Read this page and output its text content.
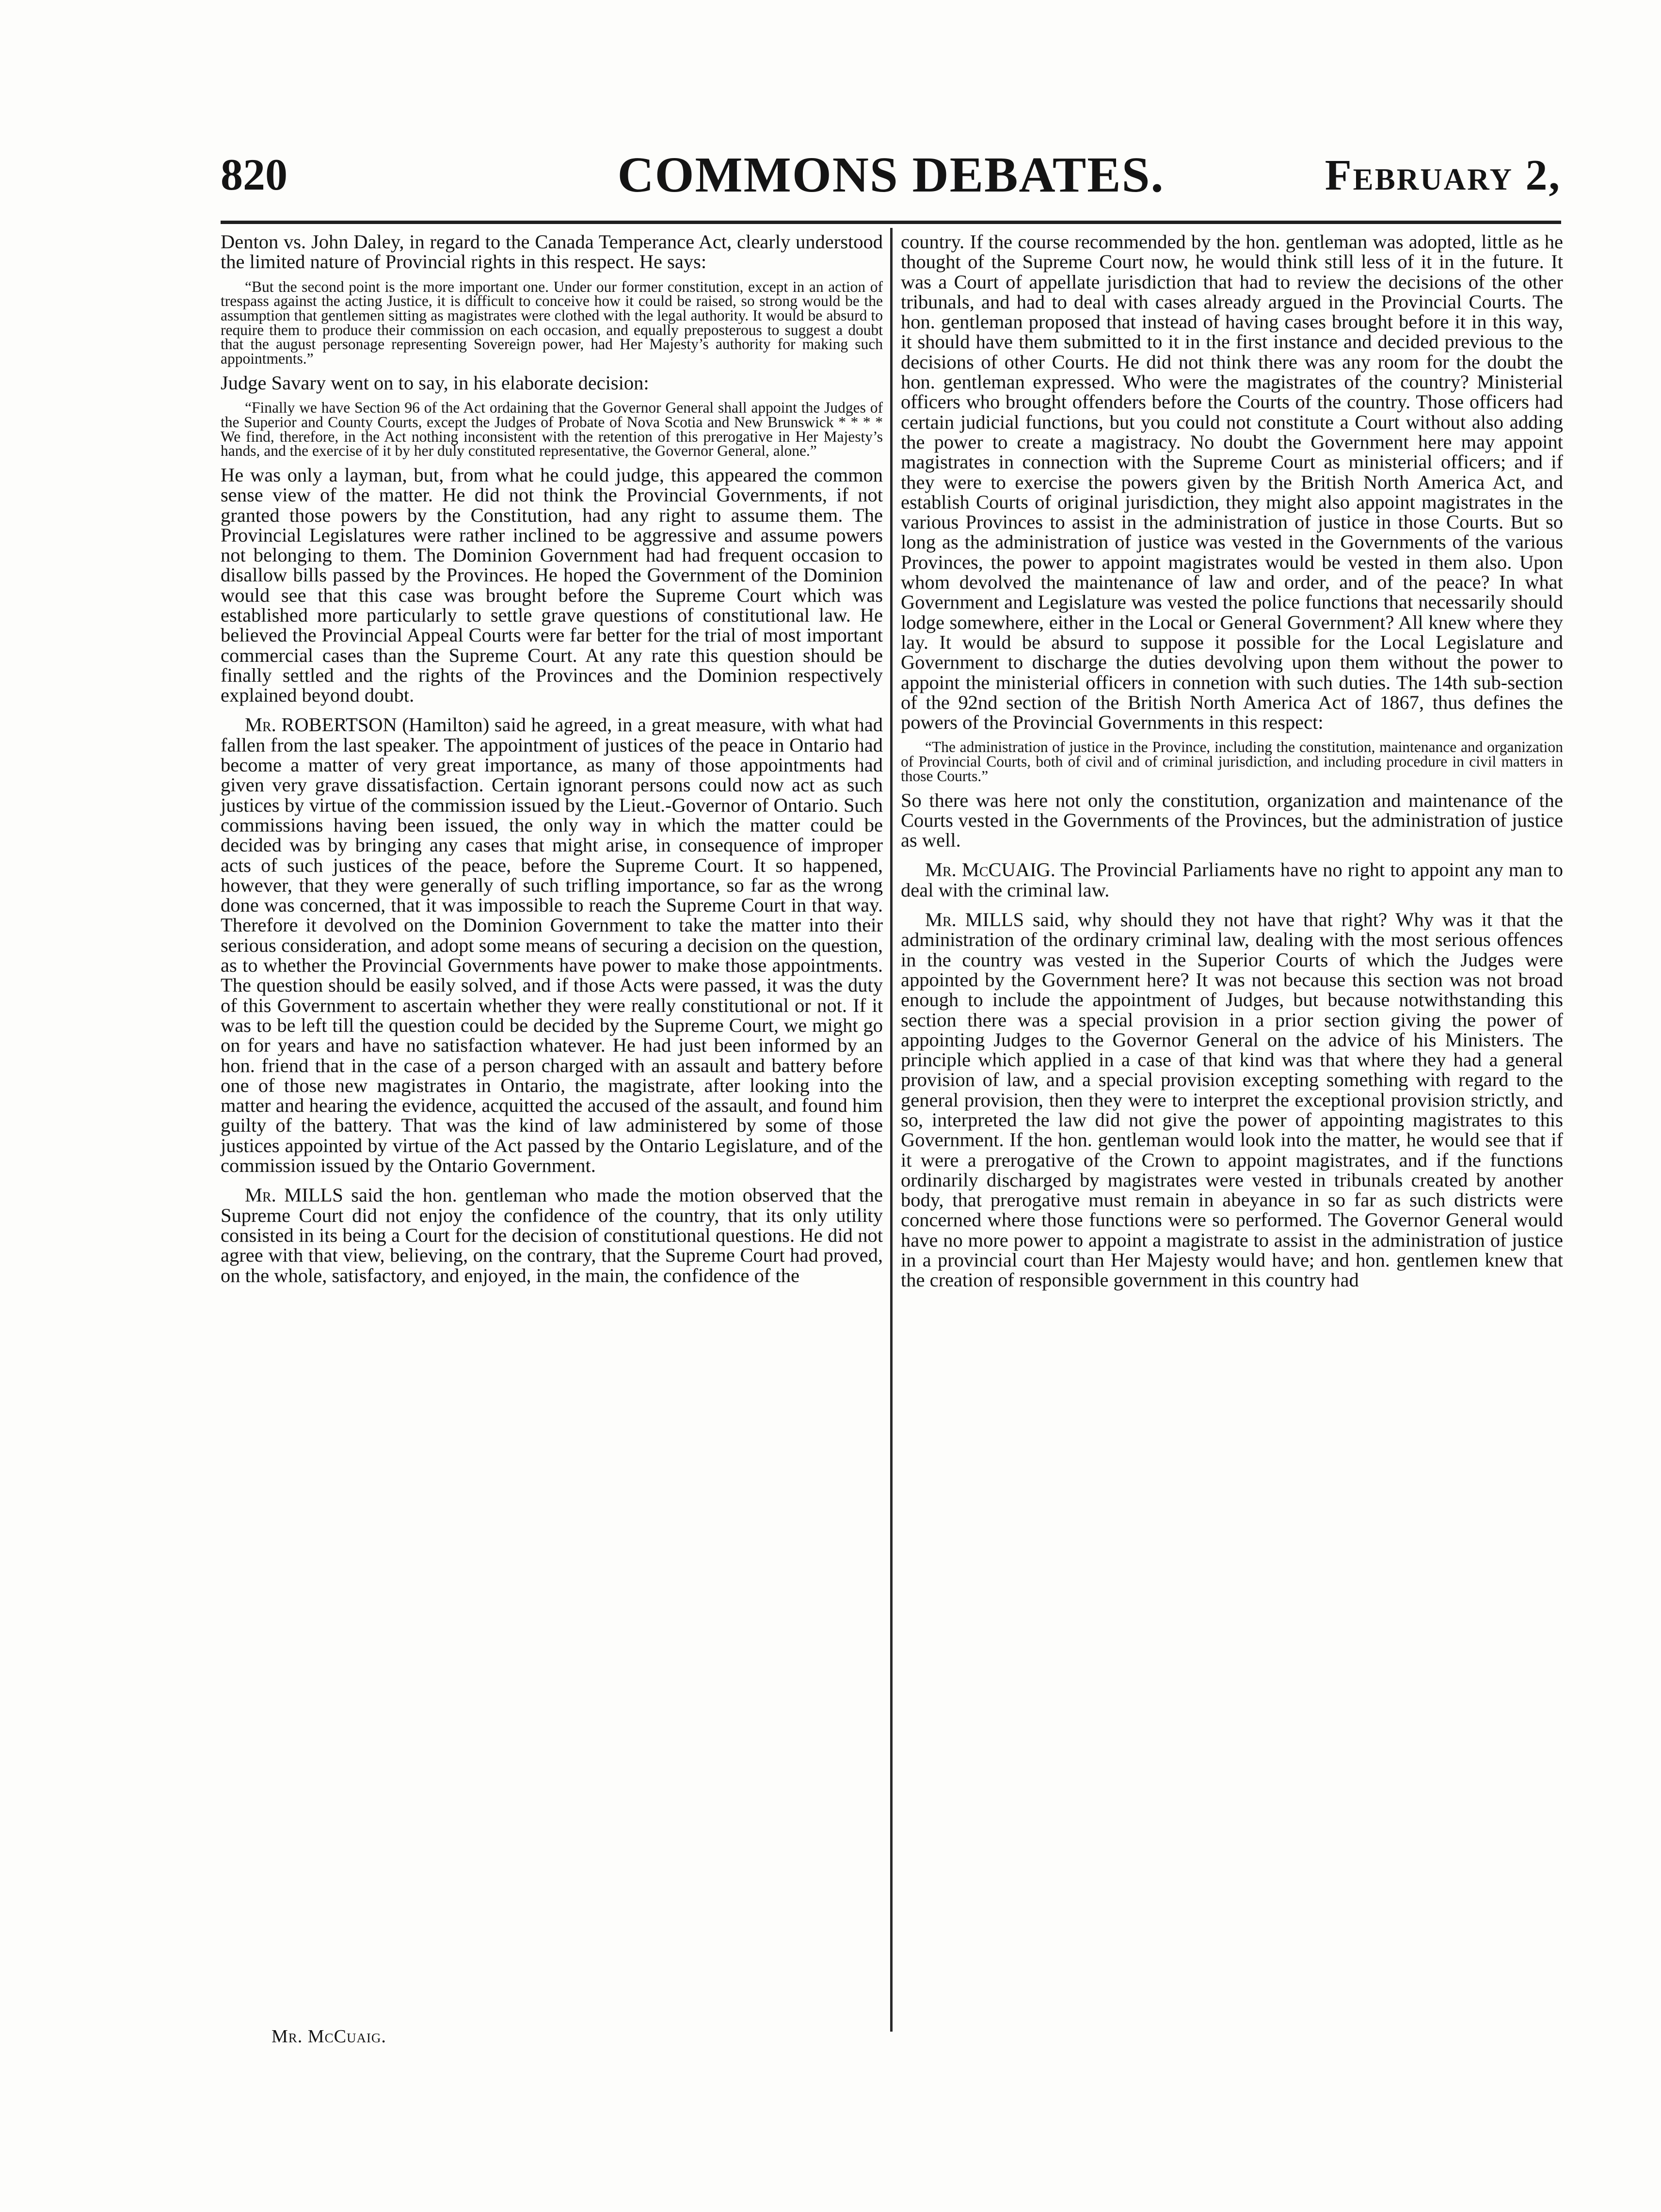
820	COMMONS DEBATES.	February 2,

Denton vs. John Daley, in regard to the Canada Temperance Act, clearly understood the limited nature of Provincial rights in this respect. He says:

“But the second point is the more important one. Under our former constitution, except in an action of trespass against the acting Justice, it is difficult to conceive how it could be raised, so strong would be the assumption that gentlemen sitting as magistrates were clothed with the legal authority. It would be absurd to require them to produce their commission on each occasion, and equally preposterous to suggest a doubt that the august personage representing Sovereign power, had Her Majesty’s authority for making such appointments.”

Judge Savary went on to say, in his elaborate decision:

“Finally we have Section 96 of the Act ordaining that the Governor General shall appoint the Judges of the Superior and County Courts, except the Judges of Probate of Nova Scotia and New Brunswick * * * * We find, therefore, in the Act nothing inconsistent with the retention of this prerogative in Her Majesty’s hands, and the exercise of it by her duly constituted representative, the Governor General, alone.”

He was only a layman, but, from what he could judge, this appeared the common sense view of the matter. He did not think the Provincial Governments, if not granted those powers by the Constitution, had any right to assume them. The Provincial Legislatures were rather inclined to be aggressive and assume powers not belonging to them. The Dominion Government had had frequent occasion to disallow bills passed by the Provinces. He hoped the Government of the Dominion would see that this case was brought before the Supreme Court which was established more particularly to settle grave questions of constitutional law. He believed the Provincial Appeal Courts were far better for the trial of most important commercial cases than the Supreme Court. At any rate this question should be finally settled and the rights of the Provinces and the Dominion respectively explained beyond doubt.

Mr. ROBERTSON (Hamilton) said he agreed, in a great measure, with what had fallen from the last speaker. The appointment of justices of the peace in Ontario had become a matter of very great importance, as many of those appointments had given very grave dissatisfaction. Certain ignorant persons could now act as such justices by virtue of the commission issued by the Lieut.-Governor of Ontario. Such commissions having been issued, the only way in which the matter could be decided was by bringing any cases that might arise, in consequence of improper acts of such justices of the peace, before the Supreme Court. It so happened, however, that they were generally of such trifling importance, so far as the wrong done was concerned, that it was impossible to reach the Supreme Court in that way. Therefore it devolved on the Dominion Government to take the matter into their serious consideration, and adopt some means of securing a decision on the question, as to whether the Provincial Governments have power to make those appointments. The question should be easily solved, and if those Acts were passed, it was the duty of this Government to ascertain whether they were really constitutional or not. If it was to be left till the question could be decided by the Supreme Court, we might go on for years and have no satisfaction whatever. He had just been informed by an hon. friend that in the case of a person charged with an assault and battery before one of those new magistrates in Ontario, the magistrate, after looking into the matter and hearing the evidence, acquitted the accused of the assault, and found him guilty of the battery. That was the kind of law administered by some of those justices appointed by virtue of the Act passed by the Ontario Legislature, and of the commission issued by the Ontario Government.

Mr. MILLS said the hon. gentleman who made the motion observed that the Supreme Court did not enjoy the confidence of the country, that its only utility consisted in its being a Court for the decision of constitutional questions. He did not agree with that view, believing, on the contrary, that the Supreme Court had proved, on the whole, satisfactory, and enjoyed, in the main, the confidence of the

country. If the course recommended by the hon. gentleman was adopted, little as he thought of the Supreme Court now, he would think still less of it in the future. It was a Court of appellate jurisdiction that had to review the decisions of the other tribunals, and had to deal with cases already argued in the Provincial Courts. The hon. gentleman proposed that instead of having cases brought before it in this way, it should have them submitted to it in the first instance and decided previous to the decisions of other Courts. He did not think there was any room for the doubt the hon. gentleman expressed. Who were the magistrates of the country? Ministerial officers who brought offenders before the Courts of the country. Those officers had certain judicial functions, but you could not constitute a Court without also adding the power to create a magistracy. No doubt the Government here may appoint magistrates in connection with the Supreme Court as ministerial officers; and if they were to exercise the powers given by the British North America Act, and establish Courts of original jurisdiction, they might also appoint magistrates in the various Provinces to assist in the administration of justice in those Courts. But so long as the administration of justice was vested in the Governments of the various Provinces, the power to appoint magistrates would be vested in them also. Upon whom devolved the maintenance of law and order, and of the peace? In what Government and Legislature was vested the police functions that necessarily should lodge somewhere, either in the Local or General Government? All knew where they lay. It would be absurd to suppose it possible for the Local Legislature and Government to discharge the duties devolving upon them without the power to appoint the ministerial officers in connetion with such duties. The 14th sub-section of the 92nd section of the British North America Act of 1867, thus defines the powers of the Provincial Governments in this respect:

“The administration of justice in the Province, including the constitution, maintenance and organization of Provincial Courts, both of civil and of criminal jurisdiction, and including procedure in civil matters in those Courts.”

So there was here not only the constitution, organization and maintenance of the Courts vested in the Governments of the Provinces, but the administration of justice as well.

Mr. McCUAIG. The Provincial Parliaments have no right to appoint any man to deal with the criminal law.

Mr. MILLS said, why should they not have that right? Why was it that the administration of the ordinary criminal law, dealing with the most serious offences in the country was vested in the Superior Courts of which the Judges were appointed by the Government here? It was not because this section was not broad enough to include the appointment of Judges, but because notwithstanding this section there was a special provision in a prior section giving the power of appointing Judges to the Governor General on the advice of his Ministers. The principle which applied in a case of that kind was that where they had a general provision of law, and a special provision excepting something with regard to the general provision, then they were to interpret the exceptional provision strictly, and so, interpreted the law did not give the power of appointing magistrates to this Government. If the hon. gentleman would look into the matter, he would see that if it were a prerogative of the Crown to appoint magistrates, and if the functions ordinarily discharged by magistrates were vested in tribunals created by another body, that prerogative must remain in abeyance in so far as such districts were concerned where those functions were so performed. The Governor General would have no more power to appoint a magistrate to assist in the administration of justice in a provincial court than Her Majesty would have; and hon. gentlemen knew that the creation of responsible government in this country had

Mr. McCuaig.
